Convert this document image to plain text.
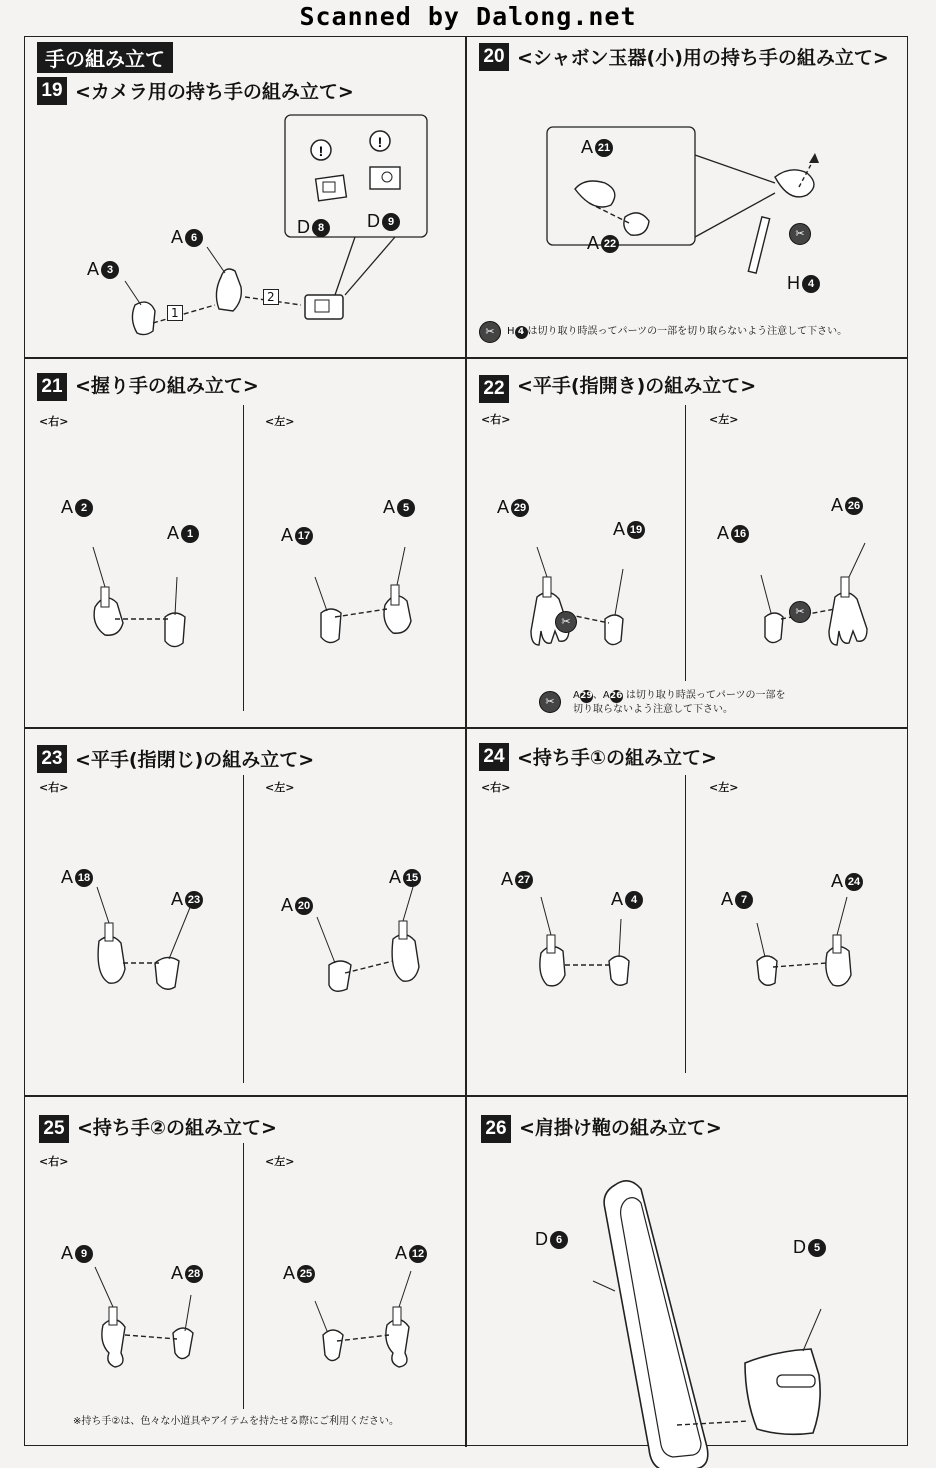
Scanned by Dalong.net
手の組み立て
19 <カメラ用の持ち手の組み立て>
!
!
1
2
A 3
A 6
D 8	D 9
20 <シャボン玉器(小)用の持ち手の組み立て>
✂
A 21
A 22
H 4
✂	H 4 は切り取り時誤ってパーツの一部を切り取らないよう注意して下さい。
21 <握り手の組み立て>
<右>	<左>
A 2
A 1	A 17
A 5
22 <平手(指開き)の組み立て>
<右>	<左>
✂
✂
A 29
A 19	A 16
A 26
✂	A29、A26 は切り取り時誤ってパーツの一部を
切り取らないよう注意して下さい。
23 <平手(指閉じ)の組み立て>
<右>	<左>
A 18
A 23	A 20
A 15
24 <持ち手①の組み立て>
<右>	<左>
A 27
A 4	A 7
A 24
25 <持ち手②の組み立て>
<右>	<左>
A 9
A 28	A 25
A 12
※持ち手②は、色々な小道具やアイテムを持たせる際にご利用ください。
26 <肩掛け鞄の組み立て>
D 6	D 5
